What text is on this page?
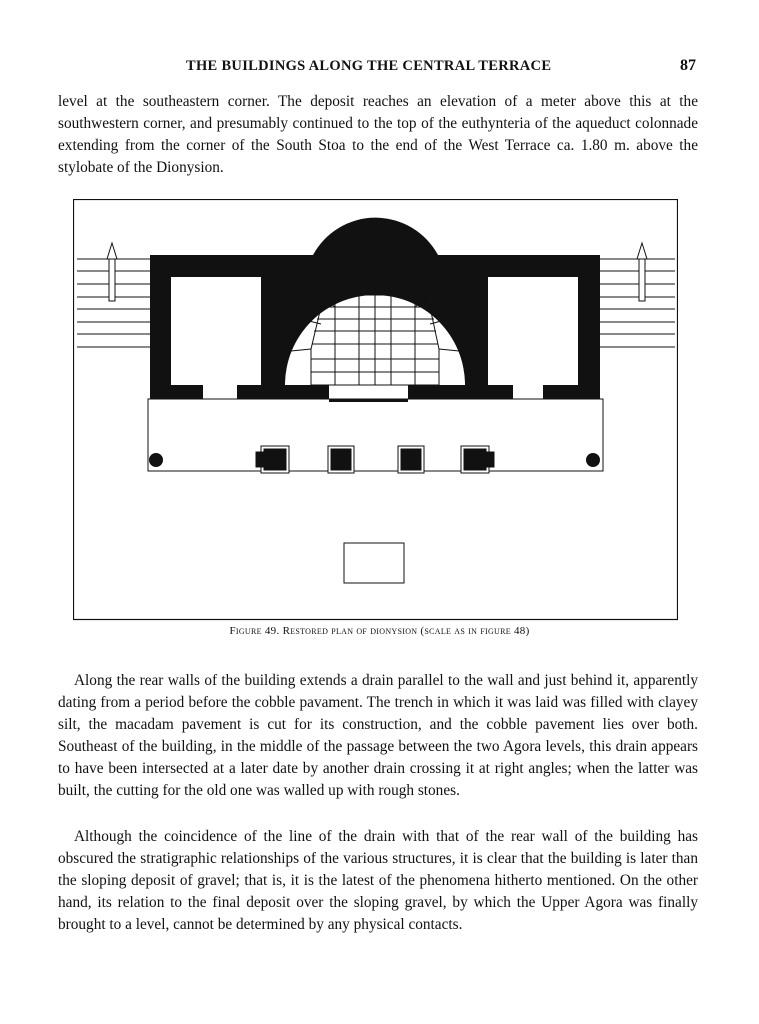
THE BUILDINGS ALONG THE CENTRAL TERRACE	87
level at the southeastern corner. The deposit reaches an elevation of a meter above this at the southwestern corner, and presumably continued to the top of the euthynteria of the aqueduct colonnade extending from the corner of the South Stoa to the end of the West Terrace ca. 1.80 m. above the stylobate of the Dionysion.
Figure 49. Restored plan of dionysion (scale as in figure 48)
Along the rear walls of the building extends a drain parallel to the wall and just behind it, apparently dating from a period before the cobble pavament. The trench in which it was laid was filled with clayey silt, the macadam pavement is cut for its construction, and the cobble pavement lies over both. Southeast of the building, in the middle of the passage between the two Agora levels, this drain appears to have been intersected at a later date by another drain crossing it at right angles; when the latter was built, the cutting for the old one was walled up with rough stones.
Although the coincidence of the line of the drain with that of the rear wall of the building has obscured the stratigraphic relationships of the various structures, it is clear that the building is later than the sloping deposit of gravel; that is, it is the latest of the phenomena hitherto mentioned. On the other hand, its relation to the final deposit over the sloping gravel, by which the Upper Agora was finally brought to a level, cannot be determined by any physical contacts.
